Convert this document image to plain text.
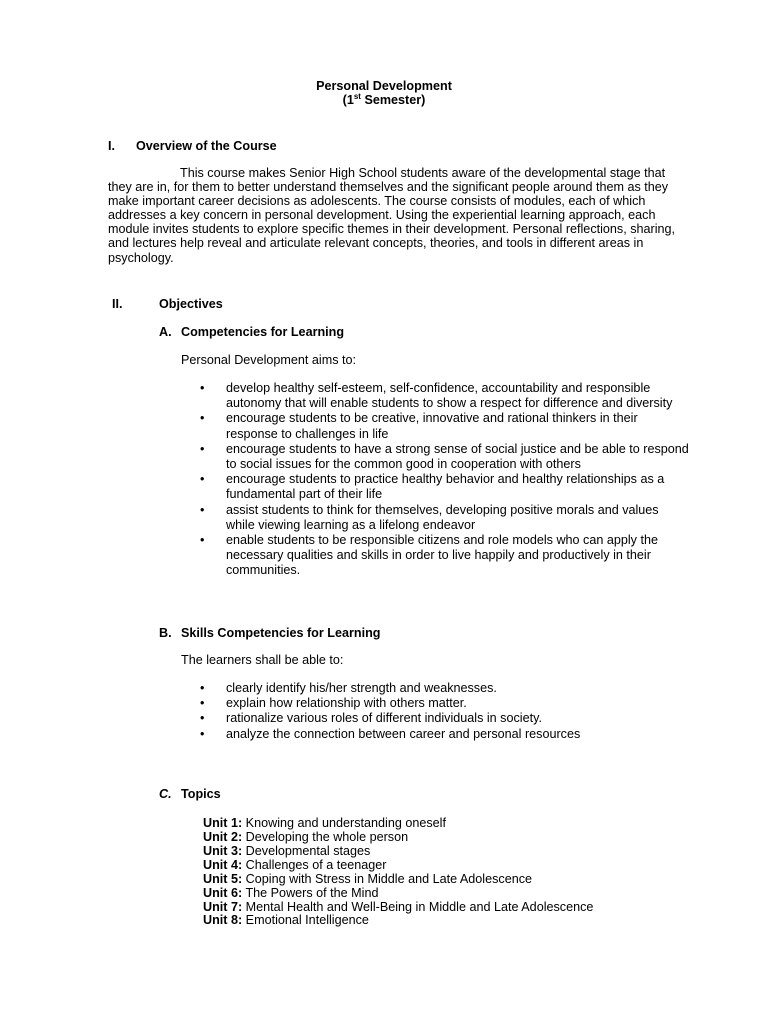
Personal Development
(1st Semester)
I. Overview of the Course
This course makes Senior High School students aware of the developmental stage that they are in, for them to better understand themselves and the significant people around them as they make important career decisions as adolescents. The course consists of modules, each of which addresses a key concern in personal development. Using the experiential learning approach, each module invites students to explore specific themes in their development. Personal reflections, sharing, and lectures help reveal and articulate relevant concepts, theories, and tools in different areas in psychology.
II.	Objectives
A. Competencies for Learning
Personal Development aims to:
• develop healthy self-esteem, self-confidence, accountability and responsible autonomy that will enable students to show a respect for difference and diversity
• encourage students to be creative, innovative and rational thinkers in their response to challenges in life
• encourage students to have a strong sense of social justice and be able to respond to social issues for the common good in cooperation with others
• encourage students to practice healthy behavior and healthy relationships as a fundamental part of their life
• assist students to think for themselves, developing positive morals and values while viewing learning as a lifelong endeavor
• enable students to be responsible citizens and role models who can apply the necessary qualities and skills in order to live happily and productively in their communities.
B. Skills Competencies for Learning
The learners shall be able to:
• clearly identify his/her strength and weaknesses.
• explain how relationship with others matter.
• rationalize various roles of different individuals in society.
• analyze the connection between career and personal resources
C. Topics
Unit 1: Knowing and understanding oneself
Unit 2: Developing the whole person
Unit 3: Developmental stages
Unit 4: Challenges of a teenager
Unit 5: Coping with Stress in Middle and Late Adolescence
Unit 6: The Powers of the Mind
Unit 7: Mental Health and Well-Being in Middle and Late Adolescence
Unit 8: Emotional Intelligence
